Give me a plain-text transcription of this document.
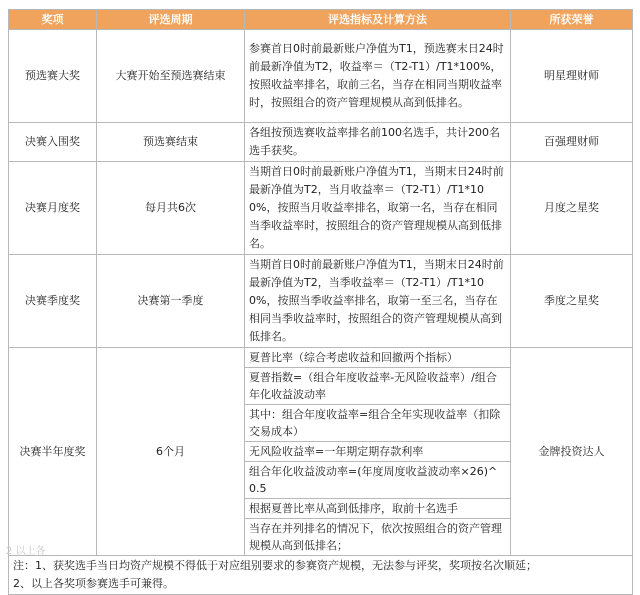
奖项	评选周期	评选指标及计算方法	所获荣誉
预选赛大奖	大赛开始至预选赛结束	参赛首日0时前最新账户净值为T1，预选赛末日24时前最新净值为T2，收益率＝（T2-T1）/T1*100%，按照收益率排名，取前三名，当存在相同当期收益率时，按照组合的资产管理规模从高到低排名。	明星理财师
决赛入围奖	预选赛结束	各组按预选赛收益率排名前100名选手，共计200名选手获奖。	百强理财师
决赛月度奖	每月共6次	当期首日0时前最新账户净值为T1，当期末日24时前最新净值为T2，当月收益率＝（T2-T1）/T1*100%，按照当月收益率排名，取第一名，当存在相同当季收益率时，按照组合的资产管理规模从高到低排名。	月度之星奖
决赛季度奖	决赛第一季度	当期首日0时前最新账户净值为T1，当期末日24时前最新净值为T2，当季收益率＝（T2-T1）/T1*100%，按照当季收益率排名，取第一至三名，当存在相同当季收益率时，按照组合的资产管理规模从高到低排名。	季度之星奖
决赛半年度奖	6个月	夏普比率（综合考虑收益和回撤两个指标）	金牌投资达人
		夏普指数=（组合年度收益率-无风险收益率）/组合年化收益波动率	
		其中：组合年度收益率=组合全年实现收益率（扣除交易成本）	
		无风险收益率=一年期定期存款利率	
		组合年化收益波动率=(年度周度收益波动率×26)^0.5	
		根据夏普比率从高到低排序，取前十名选手	
		当存在并列排名的情况下，依次按照组合的资产管理规模从高到低排名；	

注：1、获奖选手当日均资产规模不得低于对应组别要求的参赛资产规模，无法参与评奖，奖项按名次顺延；
2、以上各奖项参赛选手可兼得。			
2 以上各
